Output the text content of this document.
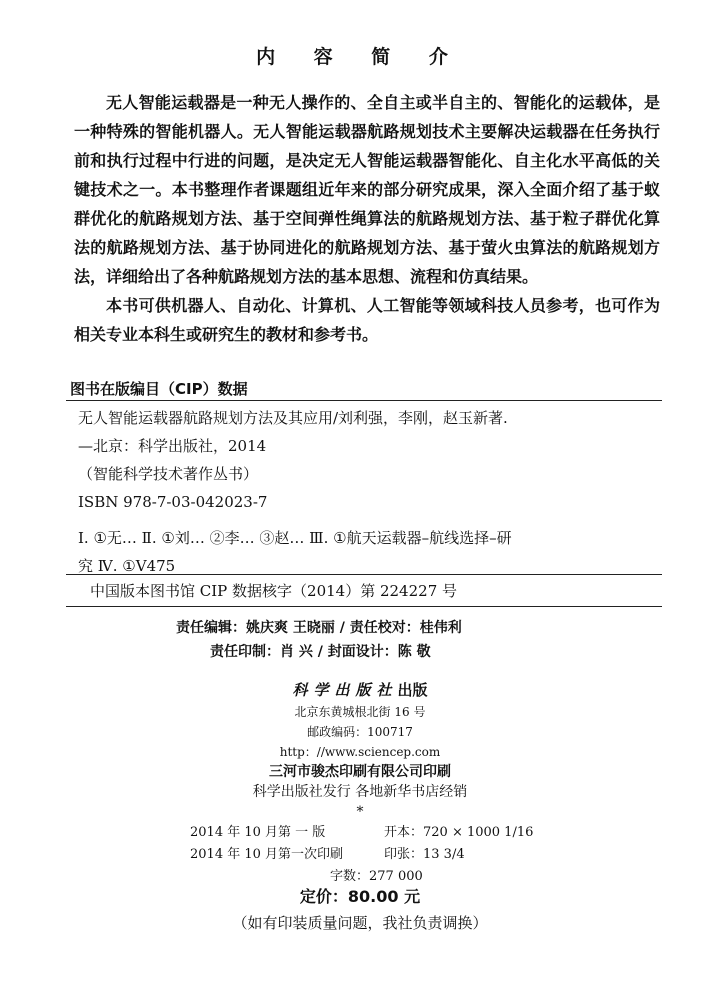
内 容 简 介

无人智能运载器是一种无人操作的、全自主或半自主的、智能化的运载体，是一种特殊的智能机器人。无人智能运载器航路规划技术主要解决运载器在任务执行前和执行过程中行进的问题，是决定无人智能运载器智能化、自主化水平高低的关键技术之一。本书整理作者课题组近年来的部分研究成果，深入全面介绍了基于蚁群优化的航路规划方法、基于空间弹性绳算法的航路规划方法、基于粒子群优化算法的航路规划方法、基于协同进化的航路规划方法、基于萤火虫算法的航路规划方法，详细给出了各种航路规划方法的基本思想、流程和仿真结果。

本书可供机器人、自动化、计算机、人工智能等领域科技人员参考，也可作为相关专业本科生或研究生的教材和参考书。

图书在版编目（CIP）数据
无人智能运载器航路规划方法及其应用/刘利强，李刚，赵玉新著.
—北京：科学出版社，2014
（智能科学技术著作丛书）
ISBN 978-7-03-042023-7
Ⅰ. ①无… Ⅱ. ①刘… ②李… ③赵… Ⅲ. ①航天运载器–航线选择–研
究 Ⅳ. ①V475
中国版本图书馆 CIP 数据核字（2014）第 224227 号
责任编辑：姚庆爽 王晓丽 / 责任校对：桂伟利
责任印制：肖 兴 / 封面设计：陈 敬
科学出版社出版
北京东黄城根北街 16 号
邮政编码：100717
http：//www.sciencep.com
三河市骏杰印刷有限公司印刷
科学出版社发行 各地新华书店经销
*
2014 年 10 月第 一 版	开本：720 × 1000 1/16
2014 年 10 月第一次印刷	印张：13 3/4
字数：277 000
定价：80.00 元
（如有印装质量问题，我社负责调换）
